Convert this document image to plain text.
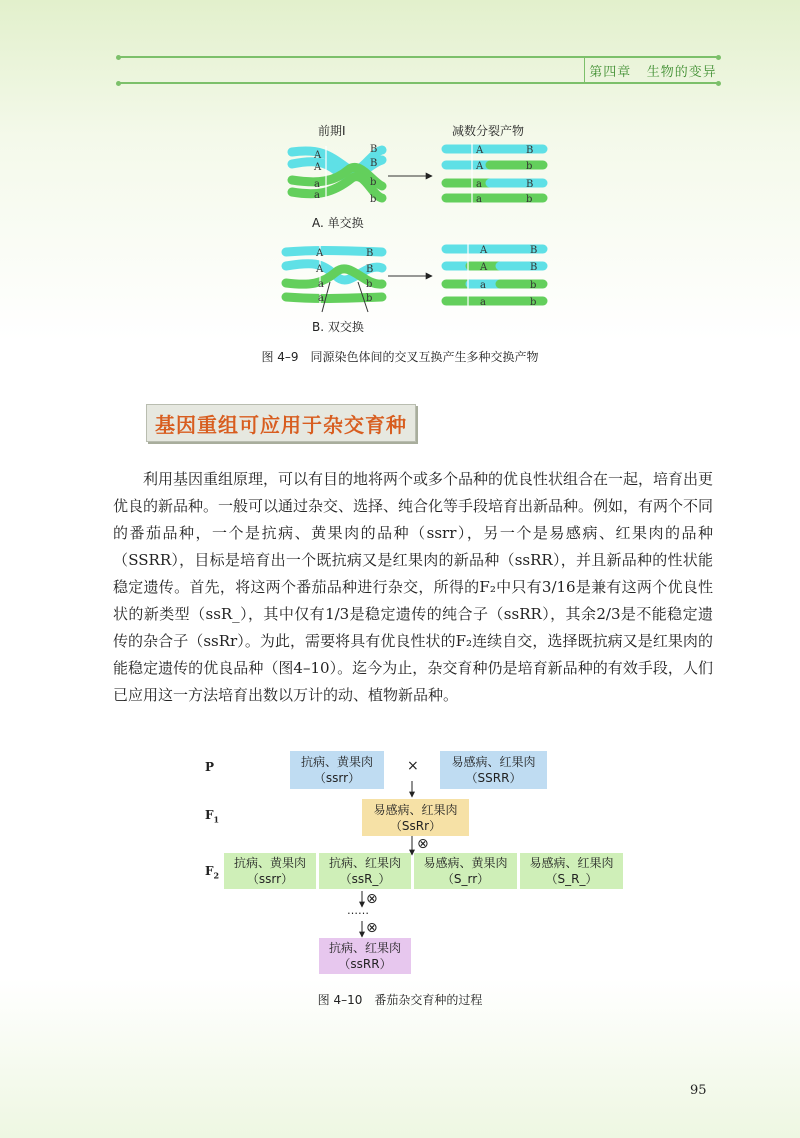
第四章 生物的变异
前期Ⅰ	减数分裂产物
A. 单交换
B. 双交换
A
A
a
a
B
B
b
b
A
A
a
a
B
b
B
b
A
A
a
a
B
B
b
b
A
A
a
a
B
B
b
b
图 4–9　同源染色体间的交叉互换产生多种交换产物
基因重组可应用于杂交育种
利用基因重组原理，可以有目的地将两个或多个品种的优良性状组合在一起，培育出更优良的新品种。一般可以通过杂交、选择、纯合化等手段培育出新品种。例如，有两个不同的番茄品种，一个是抗病、黄果肉的品种（ssrr），另一个是易感病、红果肉的品种（SSRR），目标是培育出一个既抗病又是红果肉的新品种（ssRR），并且新品种的性状能稳定遗传。首先，将这两个番茄品种进行杂交，所得的F₂中只有3/16是兼有这两个优良性状的新类型（ssR_），其中仅有1/3是稳定遗传的纯合子（ssRR），其余2/3是不能稳定遗传的杂合子（ssRr）。为此，需要将具有优良性状的F₂连续自交，选择既抗病又是红果肉的能稳定遗传的优良品种（图4–10）。迄今为止，杂交育种仍是培育新品种的有效手段，人们已应用这一方法培育出数以万计的动、植物新品种。
P
$F_1$
$F_2$
抗病、黄果肉
（ssrr）
×	易感病、红果肉
（SSRR）
易感病、红果肉
（SsRr）
⊗
抗病、黄果肉
（ssrr）
抗病、红果肉
（ssR_）
易感病、黄果肉
（S_rr）
易感病、红果肉
（S_R_）
⊗
……
⊗
抗病、红果肉
（ssRR）
图 4–10　番茄杂交育种的过程
95
